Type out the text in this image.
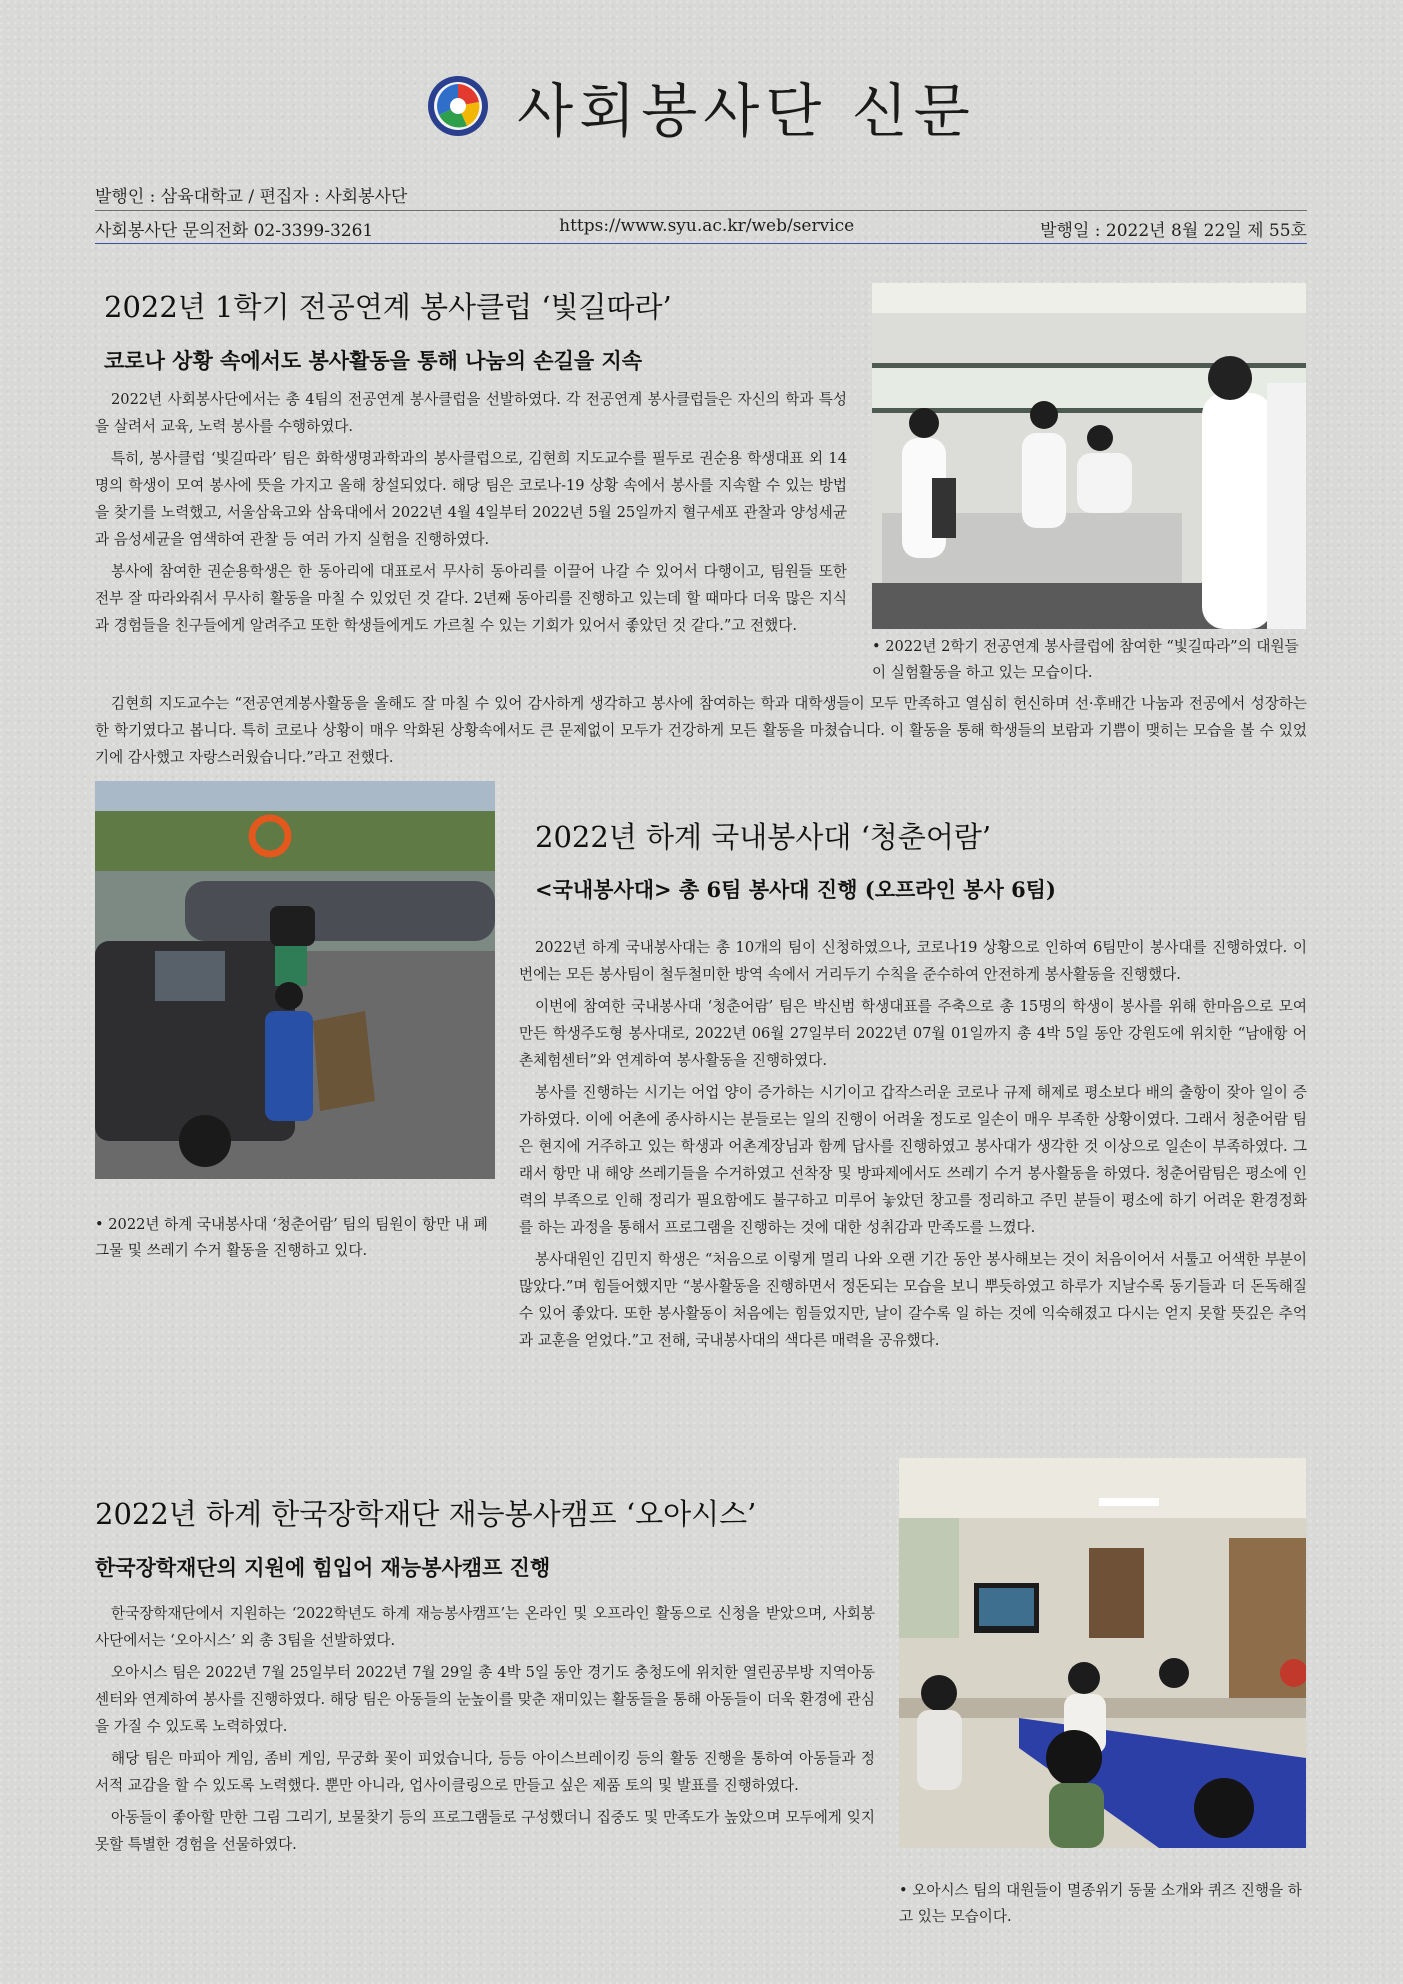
사회봉사단 신문
발행인 : 삼육대학교 / 편집자 : 사회봉사단
사회봉사단 문의전화 02-3399-3261	https://www.syu.ac.kr/web/service	발행일 : 2022년 8월 22일 제 55호
2022년 1학기 전공연계 봉사클럽 ‘빛길따라’
코로나 상황 속에서도 봉사활동을 통해 나눔의 손길을 지속

2022년 사회봉사단에서는 총 4팀의 전공연계 봉사클럽을 선발하였다. 각 전공연계 봉사클럽들은 자신의 학과 특성을 살려서 교육, 노력 봉사를 수행하였다.

특히, 봉사클럽 ‘빛길따라’ 팀은 화학생명과학과의 봉사클럽으로, 김현희 지도교수를 필두로 권순용 학생대표 외 14명의 학생이 모여 봉사에 뜻을 가지고 올해 창설되었다. 해당 팀은 코로나-19 상황 속에서 봉사를 지속할 수 있는 방법을 찾기를 노력했고, 서울삼육고와 삼육대에서 2022년 4월 4일부터 2022년 5월 25일까지 혈구세포 관찰과 양성세균과 음성세균을 염색하여 관찰 등 여러 가지 실험을 진행하였다.

봉사에 참여한 권순용학생은 한 동아리에 대표로서 무사히 동아리를 이끌어 나갈 수 있어서 다행이고, 팀원들 또한 전부 잘 따라와줘서 무사히 활동을 마칠 수 있었던 것 같다. 2년째 동아리를 진행하고 있는데 할 때마다 더욱 많은 지식과 경험들을 친구들에게 알려주고 또한 학생들에게도 가르칠 수 있는 기회가 있어서 좋았던 것 같다.”고 전했다.

• 2022년 2학기 전공연계 봉사클럽에 참여한 “빛길따라”의 대원들이 실험활동을 하고 있는 모습이다.

김현희 지도교수는 “전공연계봉사활동을 올해도 잘 마칠 수 있어 감사하게 생각하고 봉사에 참여하는 학과 대학생들이 모두 만족하고 열심히 헌신하며 선·후배간 나눔과 전공에서 성장하는 한 학기였다고 봅니다. 특히 코로나 상황이 매우 악화된 상황속에서도 큰 문제없이 모두가 건강하게 모든 활동을 마쳤습니다. 이 활동을 통해 학생들의 보람과 기쁨이 맺히는 모습을 볼 수 있었기에 감사했고 자랑스러웠습니다.”라고 전했다.

• 2022년 하계 국내봉사대 ‘청춘어람’ 팀의 팀원이 항만 내 폐그물 및 쓰레기 수거 활동을 진행하고 있다.
2022년 하계 국내봉사대 ‘청춘어람’
<국내봉사대> 총 6팀 봉사대 진행 (오프라인 봉사 6팀)

2022년 하계 국내봉사대는 총 10개의 팀이 신청하였으나, 코로나19 상황으로 인하여 6팀만이 봉사대를 진행하였다. 이번에는 모든 봉사팀이 철두철미한 방역 속에서 거리두기 수칙을 준수하여 안전하게 봉사활동을 진행했다.

이번에 참여한 국내봉사대 ‘청춘어람’ 팀은 박신범 학생대표를 주축으로 총 15명의 학생이 봉사를 위해 한마음으로 모여 만든 학생주도형 봉사대로, 2022년 06월 27일부터 2022년 07월 01일까지 총 4박 5일 동안 강원도에 위치한 “남애항 어촌체험센터”와 연계하여 봉사활동을 진행하였다.

봉사를 진행하는 시기는 어업 양이 증가하는 시기이고 갑작스러운 코로나 규제 해제로 평소보다 배의 출항이 잦아 일이 증가하였다. 이에 어촌에 종사하시는 분들로는 일의 진행이 어려울 정도로 일손이 매우 부족한 상황이였다. 그래서 청춘어람 팀은 현지에 거주하고 있는 학생과 어촌계장님과 함께 답사를 진행하였고 봉사대가 생각한 것 이상으로 일손이 부족하였다. 그래서 항만 내 해양 쓰레기들을 수거하였고 선착장 및 방파제에서도 쓰레기 수거 봉사활동을 하였다. 청춘어람팀은 평소에 인력의 부족으로 인해 정리가 필요함에도 불구하고 미루어 놓았던 창고를 정리하고 주민 분들이 평소에 하기 어려운 환경정화를 하는 과정을 통해서 프로그램을 진행하는 것에 대한 성취감과 만족도를 느꼈다.

봉사대원인 김민지 학생은 “처음으로 이렇게 멀리 나와 오랜 기간 동안 봉사해보는 것이 처음이어서 서툴고 어색한 부분이 많았다.”며 힘들어했지만 “봉사활동을 진행하면서 정돈되는 모습을 보니 뿌듯하였고 하루가 지날수록 동기들과 더 돈독해질 수 있어 좋았다. 또한 봉사활동이 처음에는 힘들었지만, 날이 갈수록 일 하는 것에 익숙해졌고 다시는 얻지 못할 뜻깊은 추억과 교훈을 얻었다.”고 전해, 국내봉사대의 색다른 매력을 공유했다.

2022년 하계 한국장학재단 재능봉사캠프 ‘오아시스’
한국장학재단의 지원에 힘입어 재능봉사캠프 진행

한국장학재단에서 지원하는 ‘2022학년도 하계 재능봉사캠프’는 온라인 및 오프라인 활동으로 신청을 받았으며, 사회봉사단에서는 ‘오아시스’ 외 총 3팀을 선발하였다.

오아시스 팀은 2022년 7월 25일부터 2022년 7월 29일 총 4박 5일 동안 경기도 충청도에 위치한 열린공부방 지역아동센터와 연계하여 봉사를 진행하였다. 해당 팀은 아동들의 눈높이를 맞춘 재미있는 활동들을 통해 아동들이 더욱 환경에 관심을 가질 수 있도록 노력하였다.

해당 팀은 마피아 게임, 좀비 게임, 무궁화 꽃이 피었습니다, 등등 아이스브레이킹 등의 활동 진행을 통하여 아동들과 정서적 교감을 할 수 있도록 노력했다. 뿐만 아니라, 업사이클링으로 만들고 싶은 제품 토의 및 발표를 진행하였다.

아동들이 좋아할 만한 그림 그리기, 보물찾기 등의 프로그램들로 구성했더니 집중도 및 만족도가 높았으며 모두에게 잊지 못할 특별한 경험을 선물하였다.

• 오아시스 팀의 대원들이 멸종위기 동물 소개와 퀴즈 진행을 하고 있는 모습이다.
